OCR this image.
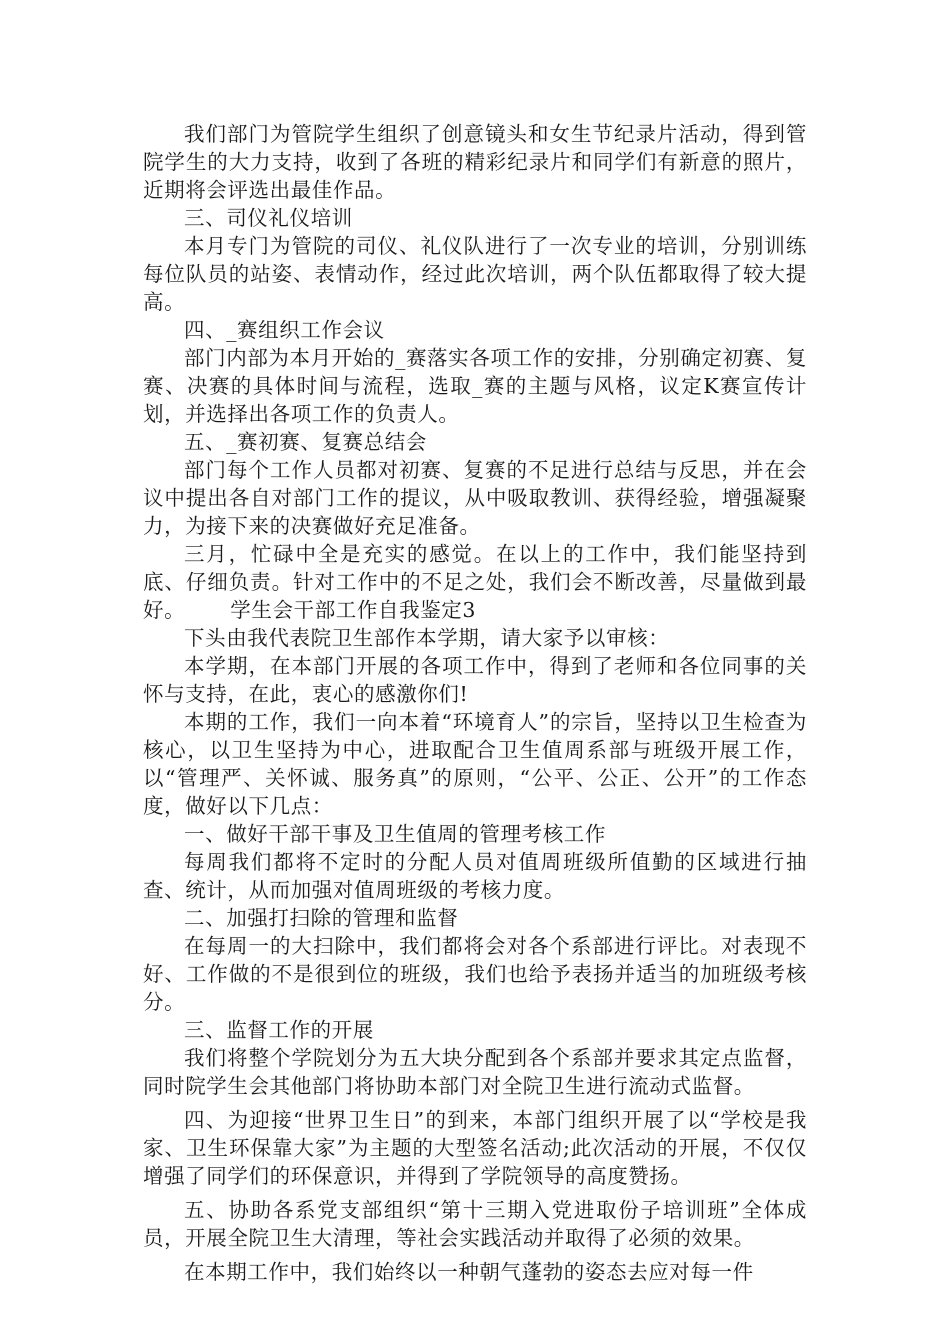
我们部门为管院学生组织了创意镜头和女生节纪录片活动，得到管院学生的大力支持，收到了各班的精彩纪录片和同学们有新意的照片，近期将会评选出最佳作品。

三、司仪礼仪培训

本月专门为管院的司仪、礼仪队进行了一次专业的培训，分别训练每位队员的站姿、表情动作，经过此次培训，两个队伍都取得了较大提高。

四、_赛组织工作会议

部门内部为本月开始的_赛落实各项工作的安排，分别确定初赛、复赛、决赛的具体时间与流程，选取_赛的主题与风格，议定K赛宣传计划，并选择出各项工作的负责人。

五、_赛初赛、复赛总结会

部门每个工作人员都对初赛、复赛的不足进行总结与反思，并在会议中提出各自对部门工作的提议，从中吸取教训、获得经验，增强凝聚力，为接下来的决赛做好充足准备。

三月，忙碌中全是充实的感觉。在以上的工作中，我们能坚持到底、仔细负责。针对工作中的不足之处，我们会不断改善，尽量做到最好。 学生会干部工作自我鉴定3

下头由我代表院卫生部作本学期，请大家予以审核：

本学期，在本部门开展的各项工作中，得到了老师和各位同事的关怀与支持，在此，衷心的感激你们!

本期的工作，我们一向本着“环境育人”的宗旨，坚持以卫生检查为核心，以卫生坚持为中心，进取配合卫生值周系部与班级开展工作，以“管理严、关怀诚、服务真”的原则，“公平、公正、公开”的工作态度，做好以下几点：

一、做好干部干事及卫生值周的管理考核工作

每周我们都将不定时的分配人员对值周班级所值勤的区域进行抽查、统计，从而加强对值周班级的考核力度。

二、加强打扫除的管理和监督

在每周一的大扫除中，我们都将会对各个系部进行评比。对表现不好、工作做的不是很到位的班级，我们也给予表扬并适当的加班级考核分。

三、监督工作的开展

我们将整个学院划分为五大块分配到各个系部并要求其定点监督，同时院学生会其他部门将协助本部门对全院卫生进行流动式监督。

四、为迎接“世界卫生日”的到来，本部门组织开展了以“学校是我家、卫生环保靠大家”为主题的大型签名活动;此次活动的开展，不仅仅增强了同学们的环保意识，并得到了学院领导的高度赞扬。

五、协助各系党支部组织“第十三期入党进取份子培训班”全体成员，开展全院卫生大清理，等社会实践活动并取得了必须的效果。

在本期工作中，我们始终以一种朝气蓬勃的姿态去应对每一件
